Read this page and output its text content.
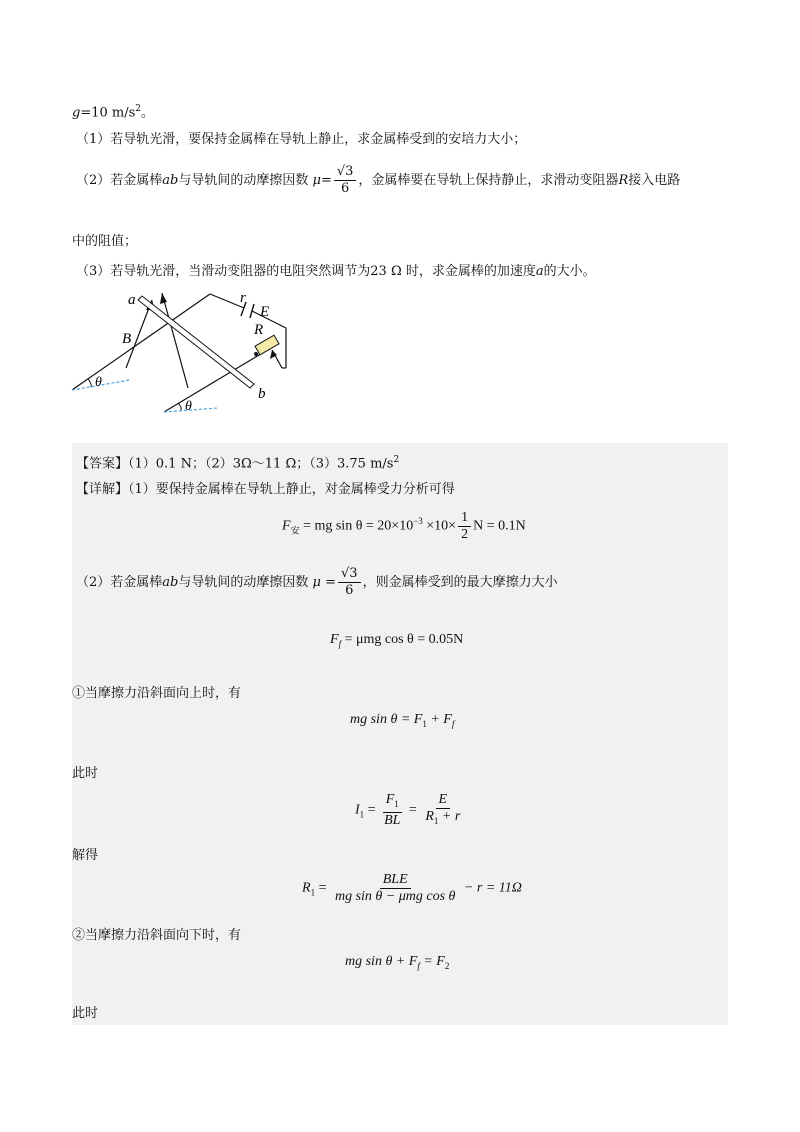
g=10 $m/s^2$。
（1）若导轨光滑，要保持金属棒在导轨上静止，求金属棒受到的安培力大小；
（2）若金属棒ab与导轨间的动摩擦因数 $\mu= \frac{√3}{6}$ ，金属棒要在导轨上保持静止，求滑动变阻器R接入电路
中的阻值；
（3）若导轨光滑，当滑动变阻器的电阻突然调节为23 Ω 时，求金属棒的加速度a的大小。
a
b
B
r
E
R
θ
θ
【答案】（1）0.1 N；（2）3Ω～11 Ω；（3）3.75 $m/s^2$
【详解】（1）要保持金属棒在导轨上静止，对金属棒受力分析可得
$F_安$ = mg $\sin \theta = 20\times 10^{-3} \times 10\times \frac{1}{2}$ N = 0.1N
（2）若金属棒ab与导轨间的动摩擦因数 $\mu = \frac{√3}{6}$ ，则金属棒受到的最大摩擦力大小
$F_f = \mu mg$ cos θ = 0.05N
①当摩擦力沿斜面向上时，有
mg $\sin \theta = F_1 + F_f$
此时
$I_1 = \frac{F_1}{BL} = \frac{E}{R_1 + r}$
解得
$R_1 = \frac{\text{BLE}}{\text{mg sin θ − μmg cos θ}} - r = 11\Omega$
②当摩擦力沿斜面向下时，有
mg $\sin \theta + F_f = F_2$
此时
